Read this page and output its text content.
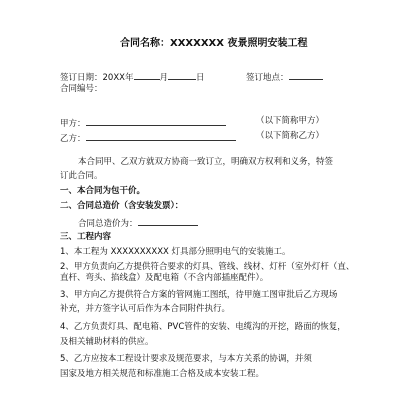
合同名称：XXXXXXX 夜景照明安装工程
签订日期：20XX年	月	日	签订地点：
合同编号：
甲方：	（以下简称甲方）
乙方：	（以下简称乙方）
本合同甲、乙双方就双方协商一致订立，明确双方权利和义务，特签
订此合同。
一、本合同为包干价。
二、合同总造价（含安装发票）：
合同总造价为：
三、工程内容
1、本工程为 XXXXXXXXXX 灯具部分照明电气的安装施工。
2、甲方负责向乙方提供符合要求的灯具、管线、线材、灯杆（室外灯杆（直、直杆、弯头、掐线盒）及配电箱（不含内部插座配件）。
3、甲方向乙方提供符合方案的管网施工图纸，待甲施工图审批后乙方现场
补充，并方签字认可后作为本合同附件执行。
4、乙方负责灯具、配电箱、PVC管件的安装、电缆沟的开挖，路面的恢复，
及相关辅助材料的供应。
5、乙方应按本工程设计要求及规范要求，与本方关系的协调，并须
国家及地方相关规范和标准施工合格及成本安装工程。
